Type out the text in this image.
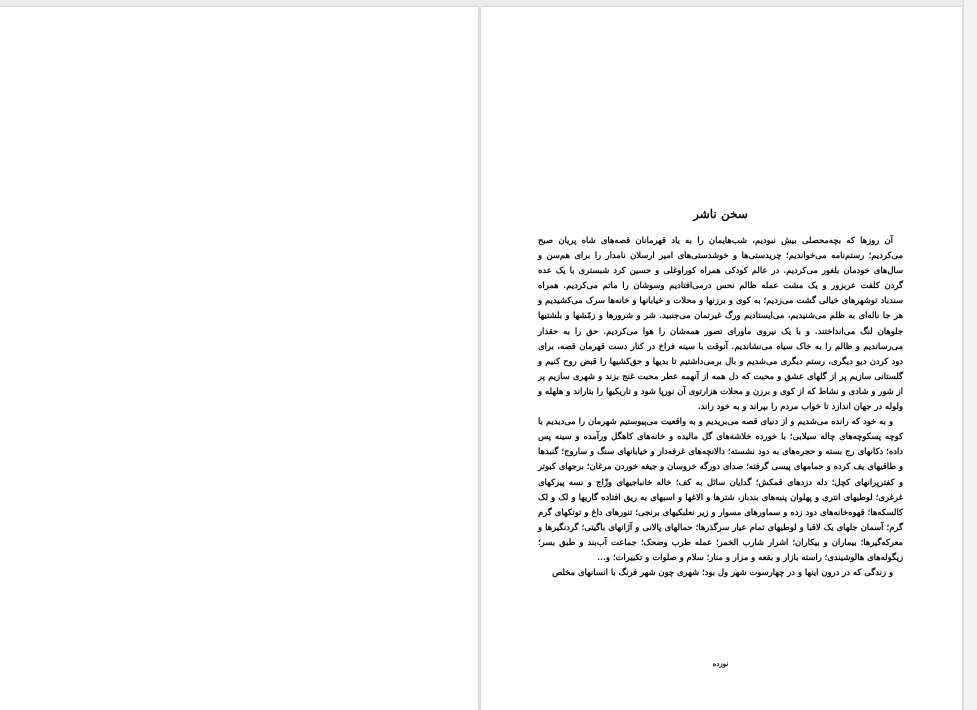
سخن ناشر

آن روزها که بچه‌محصلی بیش نبودیم، شب‌هایمان را به یاد قهرمانان قصه‌های شاه پریان صبح می‌کردیم؛ رستم‌نامه می‌خواندیم؛ چریدستی‌ها و خوشدستی‌های امیر ارسلان نامدار را برای هم‌سن و سال‌های خودمان بلغور می‌کردیم. در عالم کودکی همراه کوراوغلی و حسین کرد شبستری با یک عده گردن کلفت عربزور و یک مشت عمله ظالم نحس درمی‌افتادیم وسوشان را ماتم می‌کردیم. همراه سندباد توشهرهای خیالی گشت می‌زدیم؛ به کوی و برزنها و محلات و خیابانها و خانه‌ها سرک می‌کشیدیم و هر جا ناله‌ای به ظلم می‌شنیدیم، می‌ایستادیم ورگ غیرتمان می‌جنبید. شر و شرورها و زمّشها و بلشتیها جلوهان لنگ می‌انداختند. و با یک نیروی ماورای تصور همه‌شان را هوا می‌کردیم. حق را به حقدار می‌رساندیم و ظالم را به خاک سیاه می‌نشاندیم. آنوقت با سینه فراخ در کنار دست قهرمان قصه، برای دود کردن دیو دیگری، رستم دیگری می‌شدیم و بال برمی‌داشتیم تا بدیها و حق‌کشیها را قبض روح کنیم و گلستانی سازیم پر از گلهای عشق و محبت که دل همه از آنهمه عطر محبت غنج بزند و شهری سازیم پر از شور و شادی و نشاط که از کوی و برزن و محلات هزارتوی آن نورپا شود و تاریکیها را بتاراند و هلهله و ولوله در جهان اندازد تا خواب مردم را بپراند و به خود راند.

و به خود که رانده می‌شدیم و از دنیای قصه می‌بریدیم و به واقعیت می‌پیوستیم شهرمان را می‌دیدیم با کوچه پسکوچه‌های چاله سیلابی؛ با خورده خلاشه‌های گل مالیده و خانه‌های کاهگل ورآمده و سینه پس داده؛ دکانهای رج بسته و حجره‌های به دود نشسته؛ دالانچه‌های غرفه‌دار و خیابانهای سنگ و ساروج؛ گنبدها و طاقیهای یف کرده و حمامهای پیسی گرفته؛ صدای دورگه خروسان و جیغه خوردن مرغان؛ برجهای کبوتر و کفترپرانهای کچل؛ دله دزدهای قمکش؛ گدایان سائل به کف؛ خاله خانباجیهای وزّاج و نسه پیرکهای غرغری؛ لوطیهای انتری و پهلوان پنبه‌های بندباز، شترها و الاغها و اسبهای به ریق افتاده گاریها و لک و لک کالسکه‌ها؛ قهوه‌خانه‌های دود زده و سماورهای مسوار و زیر نعلبکیهای برنجی؛ تنورهای داغ و توتکهای گرم گرم؛ آسمان جلهای یک لاقبا و لوطیهای تمام عیار سرگذرها؛ حمالهای پالانی و آژانهای باگیتی؛ گردنگیرها و معرکه‌گیرها؛ بیماران و بیکاران؛ اشرار شارب الخمر؛ عمله طرب وضحک؛ جماعت آب‌بند و طبق بسر؛ زیگوله‌های هالوشیندی؛ راسته بازار و بقعه و مزار و منار؛ سلام و صلوات و تکبیرات؛ و...

و زندگی که در درون اینها و در چهارسوت شهر ول بود؛ شهری چون شهر فرنگ با انسانهای مخلص

نوزده
